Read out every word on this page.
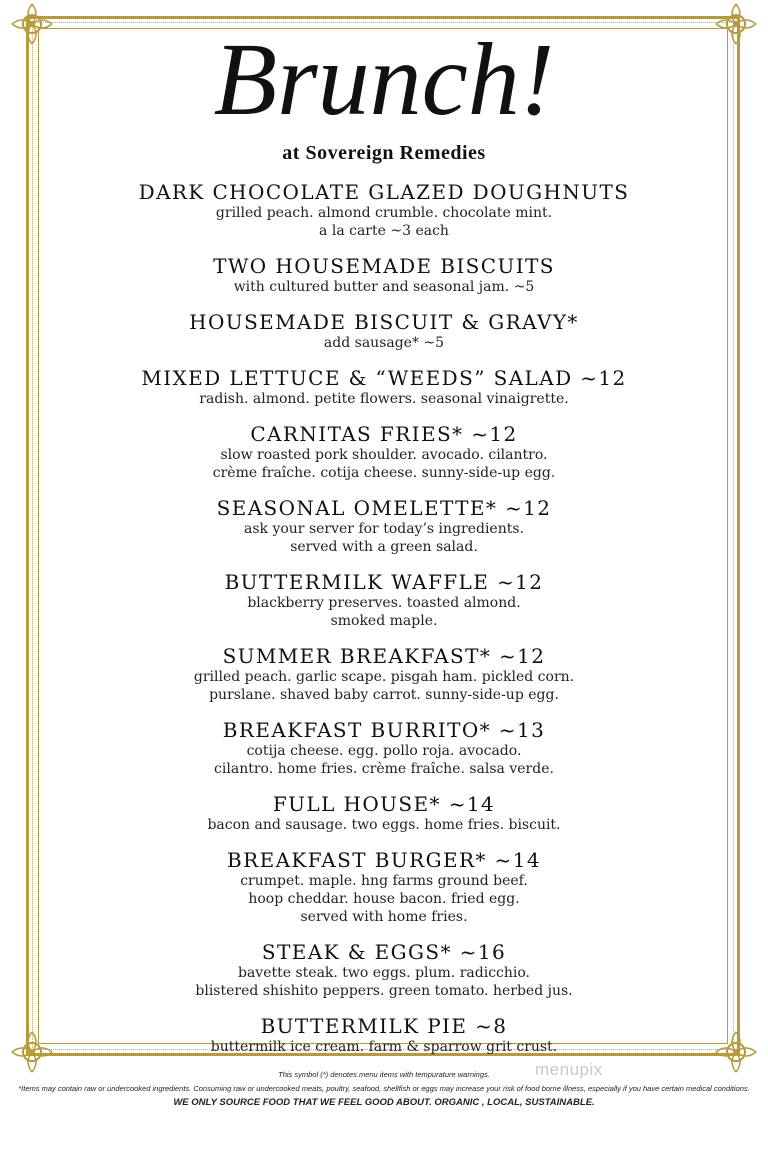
Brunch!
at Sovereign Remedies
DARK CHOCOLATE GLAZED DOUGHNUTS
grilled peach. almond crumble. chocolate mint.
a la carte ~3 each
TWO HOUSEMADE BISCUITS
with cultured butter and seasonal jam. ~5
HOUSEMADE BISCUIT & GRAVY*
add sausage* ~5
MIXED LETTUCE & “WEEDS” SALAD ~12
radish. almond. petite flowers. seasonal vinaigrette.
CARNITAS FRIES* ~12
slow roasted pork shoulder. avocado. cilantro.
crème fraîche. cotija cheese. sunny-side-up egg.
SEASONAL OMELETTE* ~12
ask your server for today’s ingredients.
served with a green salad.
BUTTERMILK WAFFLE ~12
blackberry preserves. toasted almond.
smoked maple.
SUMMER BREAKFAST* ~12
grilled peach. garlic scape. pisgah ham. pickled corn.
purslane. shaved baby carrot. sunny-side-up egg.
BREAKFAST BURRITO* ~13
cotija cheese. egg. pollo roja. avocado.
cilantro. home fries. crème fraîche. salsa verde.
FULL HOUSE* ~14
bacon and sausage. two eggs. home fries. biscuit.
BREAKFAST BURGER* ~14
crumpet. maple. hng farms ground beef.
hoop cheddar. house bacon. fried egg.
served with home fries.
STEAK & EGGS* ~16
bavette steak. two eggs. plum. radicchio.
blistered shishito peppers. green tomato. herbed jus.
BUTTERMILK PIE ~8
buttermilk ice cream. farm & sparrow grit crust.
This symbol (*) denotes menu items with tempurature warnings.
*Items may contain raw or undercooked ingredients. Consuming raw or undercooked meats, poultry, seafood, shellfish or eggs may increase your risk of food borne illness, especially if you have certain medical conditions.
WE ONLY SOURCE FOOD THAT WE FEEL GOOD ABOUT. ORGANIC , LOCAL, SUSTAINABLE.
menupix
